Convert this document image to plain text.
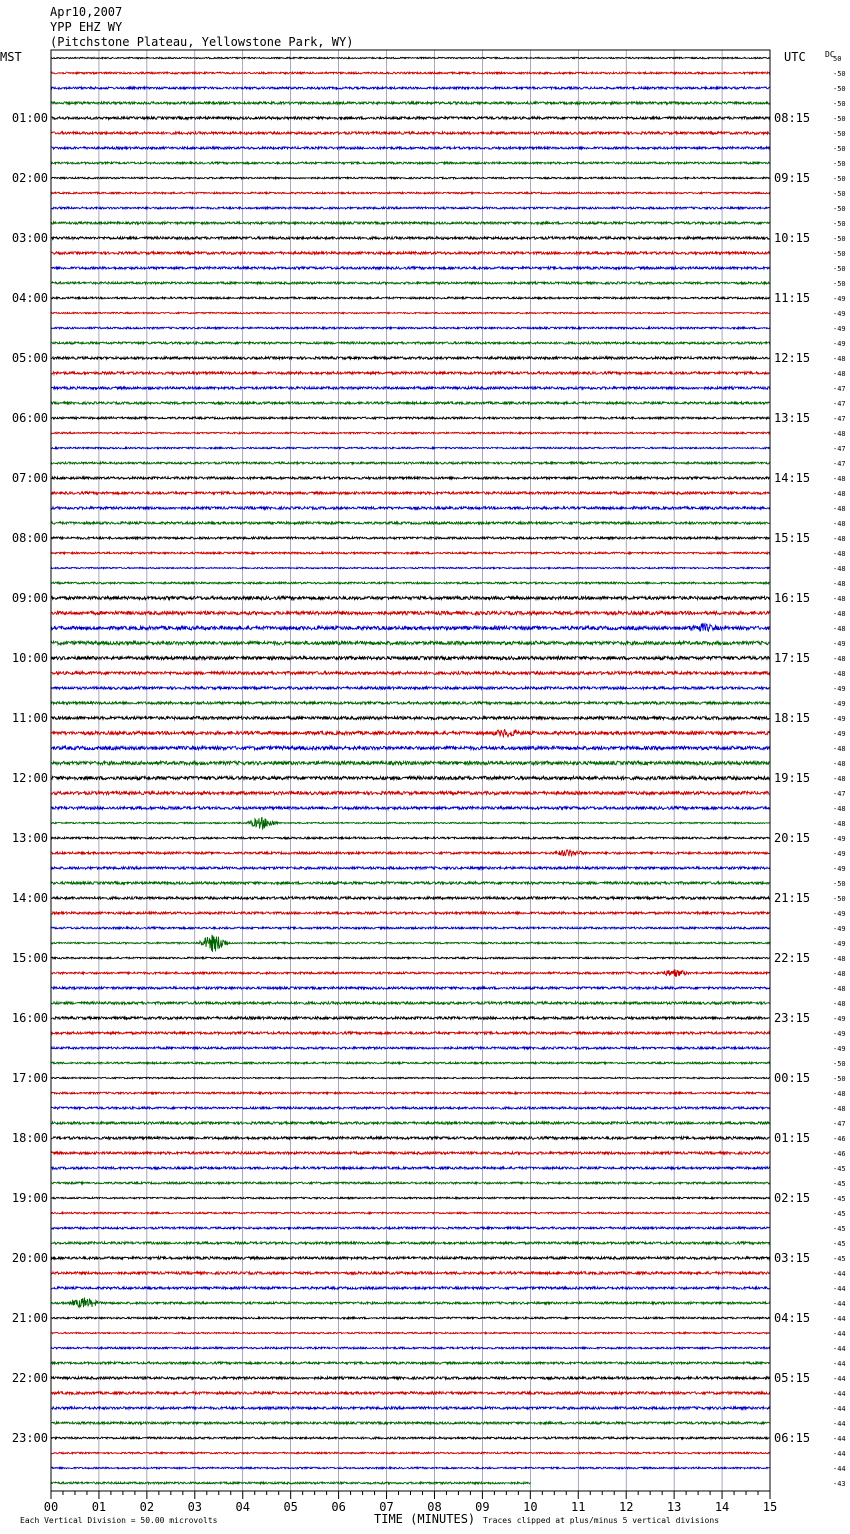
01:00
02:00
03:00
04:00
05:00
06:00
07:00
08:00
09:00
10:00
11:00
12:00
13:00
14:00
15:00
16:00
17:00
18:00
19:00
20:00
21:00
22:00
23:00
08:15
09:15
10:15
11:15
12:15
13:15
14:15
15:15
16:15
17:15
18:15
19:15
20:15
21:15
22:15
23:15
00:15
01:15
02:15
03:15
04:15
05:15
06:15
50
-50
-50
-50
-50
-50
-50
-50
-50
-50
-50
-50
-50
-50
-50
-50
-49
-49
-49
-49
-48
-48
-47
-47
-47
-48
-47
-47
-48
-48
-48
-48
-48
-48
-48
-48
-48
-48
-48
-49
-48
-48
-49
-49
-49
-49
-48
-48
-48
-47
-48
-48
-49
-49
-49
-50
-50
-49
-49
-49
-48
-48
-48
-48
-49
-49
-49
-50
-50
-48
-48
-47
-46
-46
-45
-45
-45
-45
-45
-45
-45
-44
-44
-44
-44
-44
-44
-44
-44
-44
-44
-44
-44
-44
-44
-43
00	01	02	03	04	05	06	07	08	09	10	11	12	13	14	15
Apr10,2007
YPP EHZ WY
(Pitchstone Plateau, Yellowstone Park, WY)
MST	UTC DC
Each Vertical Division = 50.00 microvolts	TIME (MINUTES) Traces clipped at plus/minus 5 vertical divisions
